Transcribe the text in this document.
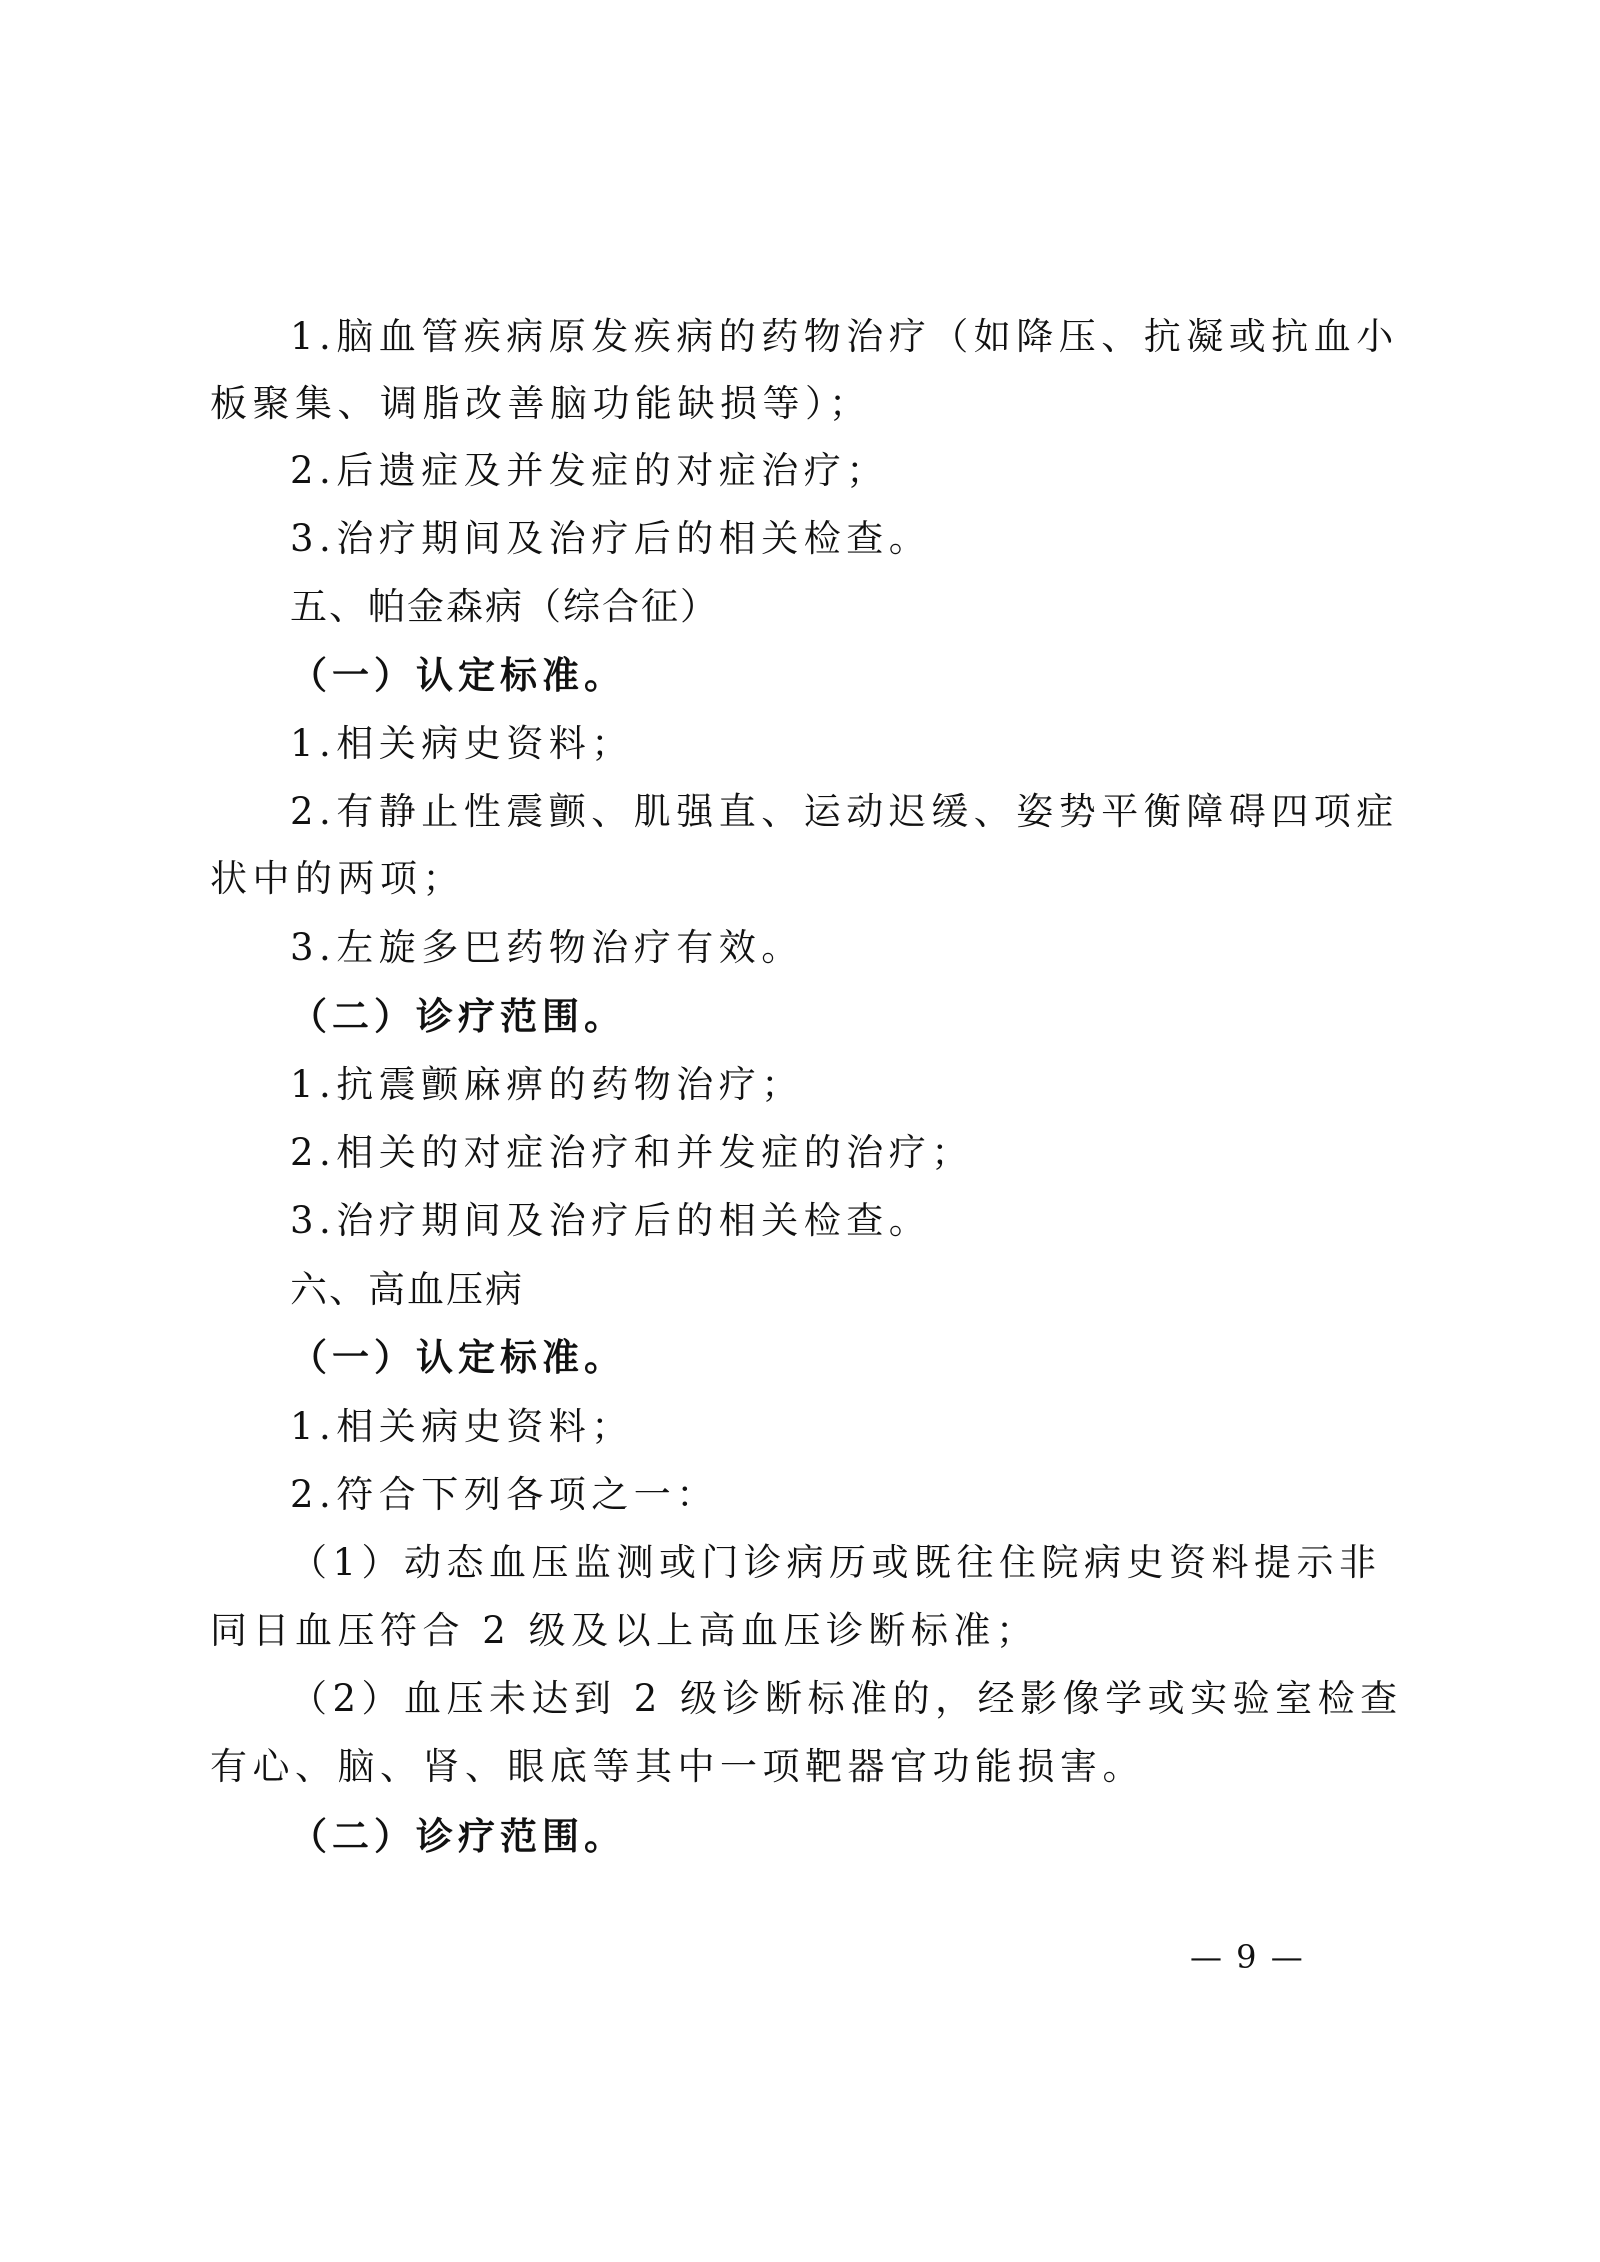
1.脑血管疾病原发疾病的药物治疗（如降压、抗凝或抗血小
板聚集、调脂改善脑功能缺损等）；
2.后遗症及并发症的对症治疗；
3.治疗期间及治疗后的相关检查。
五、帕金森病（综合征）
（一）认定标准。
1.相关病史资料；
2.有静止性震颤、肌强直、运动迟缓、姿势平衡障碍四项症
状中的两项；
3.左旋多巴药物治疗有效。
（二）诊疗范围。
1.抗震颤麻痹的药物治疗；
2.相关的对症治疗和并发症的治疗；
3.治疗期间及治疗后的相关检查。
六、高血压病
（一）认定标准。
1.相关病史资料；
2.符合下列各项之一：
（1）动态血压监测或门诊病历或既往住院病史资料提示非
同日血压符合 2 级及以上高血压诊断标准；
（2）血压未达到 2 级诊断标准的，经影像学或实验室检查
有心、脑、肾、眼底等其中一项靶器官功能损害。
（二）诊疗范围。
— 9 —
